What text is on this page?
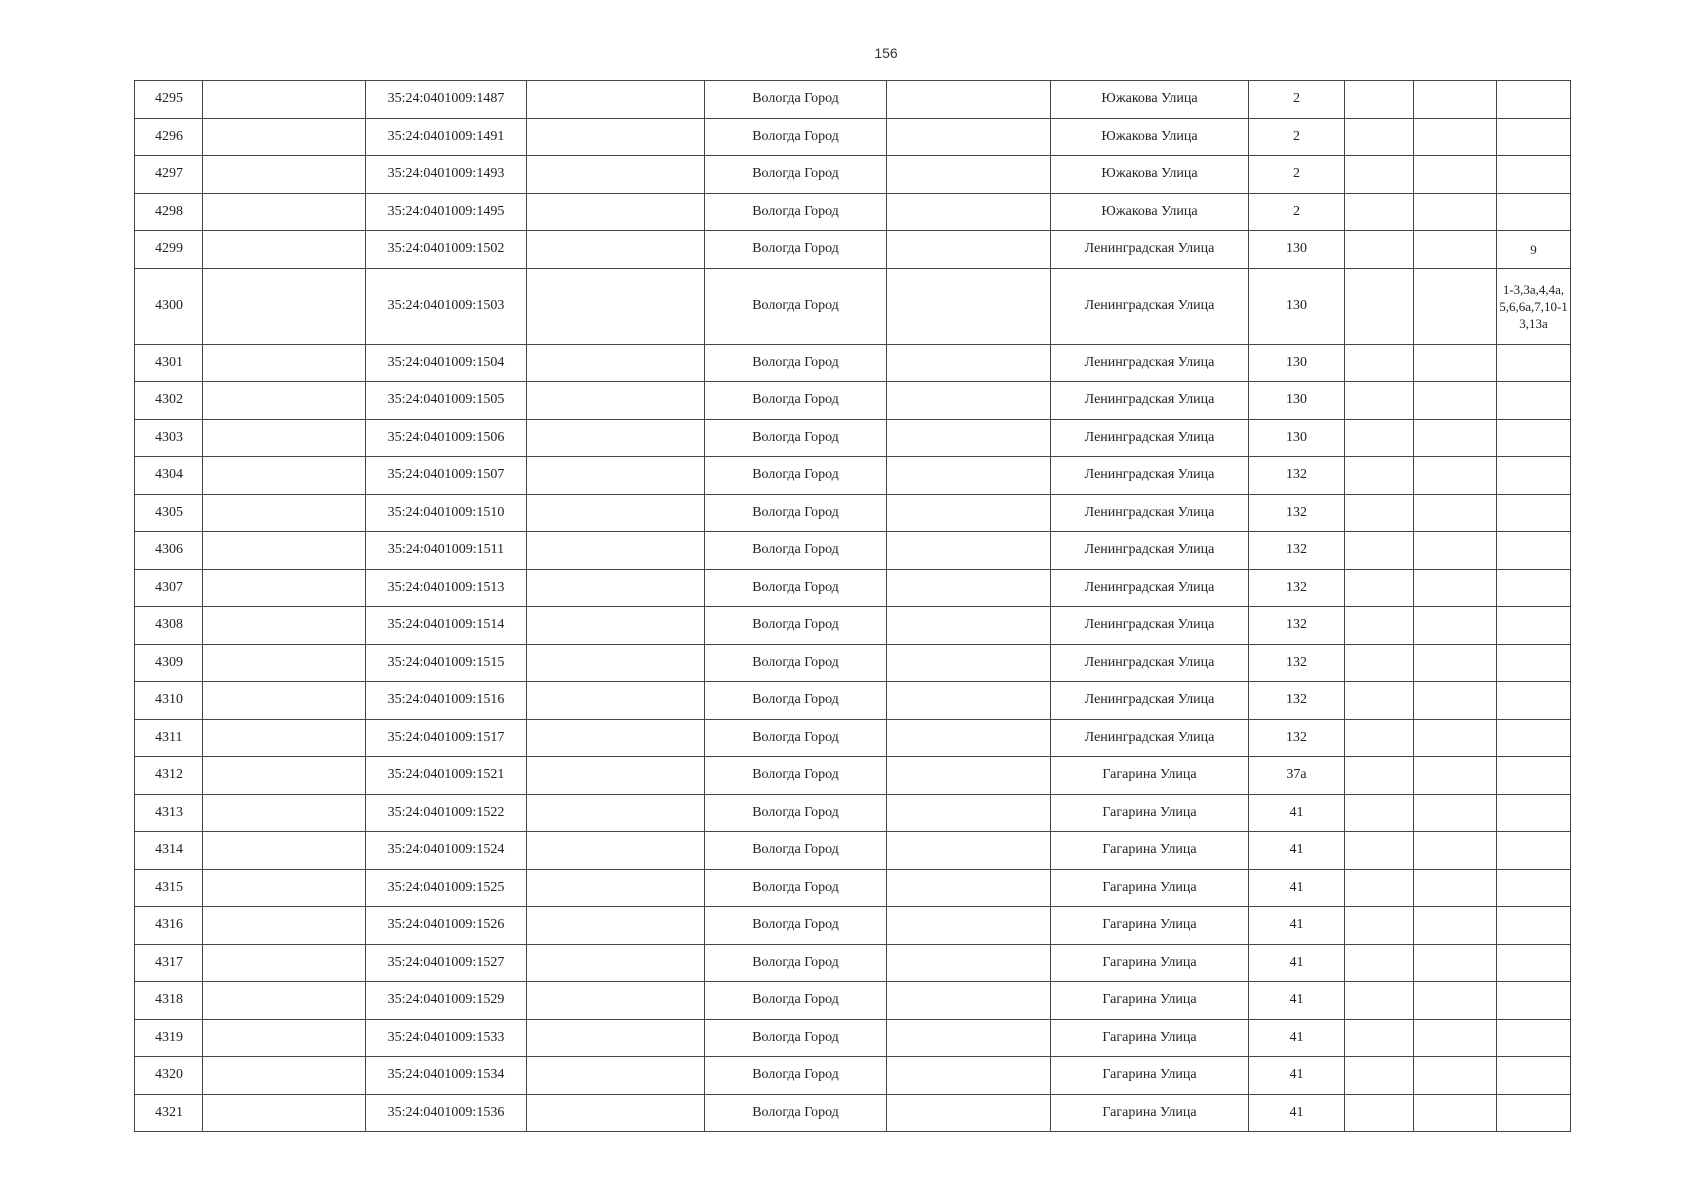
156
4295		35:24:0401009:1487		Вологда Город		Южакова Улица	2			
4296		35:24:0401009:1491		Вологда Город		Южакова Улица	2			
4297		35:24:0401009:1493		Вологда Город		Южакова Улица	2			
4298		35:24:0401009:1495		Вологда Город		Южакова Улица	2			
4299		35:24:0401009:1502		Вологда Город		Ленинградская Улица	130			9
4300		35:24:0401009:1503		Вологда Город		Ленинградская Улица	130			1-3,3а,4,4а,5,6,6а,7,10-13,13а
4301		35:24:0401009:1504		Вологда Город		Ленинградская Улица	130			
4302		35:24:0401009:1505		Вологда Город		Ленинградская Улица	130			
4303		35:24:0401009:1506		Вологда Город		Ленинградская Улица	130			
4304		35:24:0401009:1507		Вологда Город		Ленинградская Улица	132			
4305		35:24:0401009:1510		Вологда Город		Ленинградская Улица	132			
4306		35:24:0401009:1511		Вологда Город		Ленинградская Улица	132			
4307		35:24:0401009:1513		Вологда Город		Ленинградская Улица	132			
4308		35:24:0401009:1514		Вологда Город		Ленинградская Улица	132			
4309		35:24:0401009:1515		Вологда Город		Ленинградская Улица	132			
4310		35:24:0401009:1516		Вологда Город		Ленинградская Улица	132			
4311		35:24:0401009:1517		Вологда Город		Ленинградская Улица	132			
4312		35:24:0401009:1521		Вологда Город		Гагарина Улица	37а			
4313		35:24:0401009:1522		Вологда Город		Гагарина Улица	41			
4314		35:24:0401009:1524		Вологда Город		Гагарина Улица	41			
4315		35:24:0401009:1525		Вологда Город		Гагарина Улица	41			
4316		35:24:0401009:1526		Вологда Город		Гагарина Улица	41			
4317		35:24:0401009:1527		Вологда Город		Гагарина Улица	41			
4318		35:24:0401009:1529		Вологда Город		Гагарина Улица	41			
4319		35:24:0401009:1533		Вологда Город		Гагарина Улица	41			
4320		35:24:0401009:1534		Вологда Город		Гагарина Улица	41			
4321		35:24:0401009:1536		Вологда Город		Гагарина Улица	41			
